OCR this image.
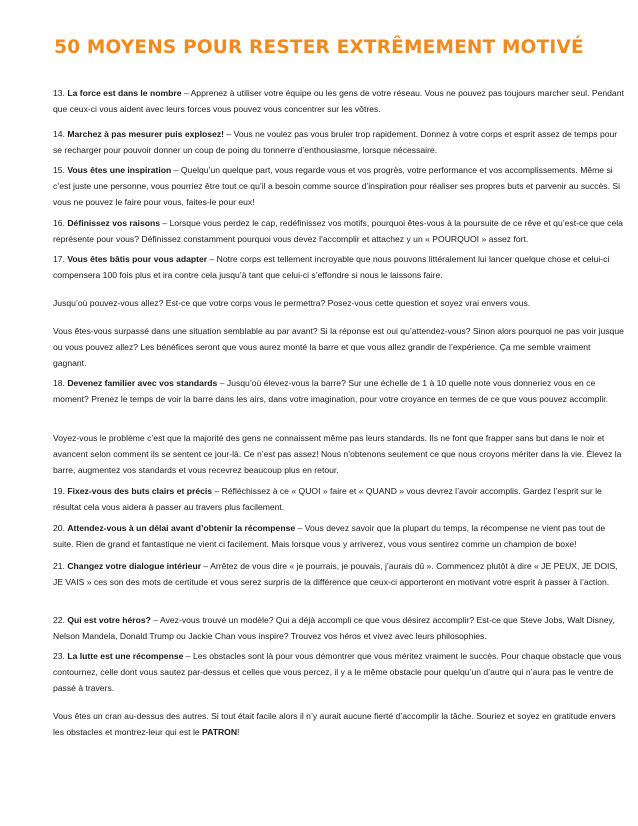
50 MOYENS POUR RESTER EXTRÊMEMENT MOTIVÉ

13. La force est dans le nombre – Apprenez à utiliser votre équipe ou les gens de votre réseau. Vous ne pouvez pas toujours marcher seul. Pendant que ceux-ci vous aident avec leurs forces vous pouvez vous concentrer sur les vôtres.

14. Marchez à pas mesurer puis explosez! – Vous ne voulez pas vous bruler trop rapidement. Donnez à votre corps et esprit assez de temps pour se recharger pour pouvoir donner un coup de poing du tonnerre d’enthousiasme, lorsque nécessaire.

15. Vous êtes une inspiration – Quelqu’un quelque part, vous regarde vous et vos progrès, votre performance et vos accomplissements. Même si c’est juste une personne, vous pourriez être tout ce qu’il a besoin comme source d’inspiration pour réaliser ses propres buts et parvenir au succès. Si vous ne pouvez le faire pour vous, faites-le pour eux!

16. Définissez vos raisons – Lorsque vous perdez le cap, redéfinissez vos motifs, pourquoi êtes-vous à la poursuite de ce rêve et qu’est-ce que cela représente pour vous? Définissez constamment pourquoi vous devez l’accomplir et attachez y un « POURQUOI » assez fort.

17. Vous êtes bâtis pour vous adapter – Notre corps est tellement incroyable que nous pouvons littéralement lui lancer quelque chose et celui-ci compensera 100 fois plus et ira contre cela jusqu’à tant que celui-ci s’effondre si nous le laissons faire.

Jusqu’où pouvez-vous allez? Est-ce que votre corps vous le permettra? Posez-vous cette question et soyez vrai envers vous.

Vous êtes-vous surpassé dans une situation semblable au par avant? Si la réponse est oui qu’attendez-vous? Sinon alors pourquoi ne pas voir jusque ou vous pouvez allez? Les bénéfices seront que vous aurez monté la barre et que vous allez grandir de l’expérience. Ça me semble vraiment gagnant.

18. Devenez familier avec vos standards – Jusqu’où élevez-vous la barre? Sur une échelle de 1 à 10 quelle note vous donneriez vous en ce moment? Prenez le temps de voir la barre dans les airs, dans votre imagination, pour votre croyance en termes de ce que vous pouvez accomplir.

Voyez-vous le problème c’est que la majorité des gens ne connaissent même pas leurs standards. Ils ne font que frapper sans but dans le noir et avancent selon comment ils se sentent ce jour-là. Ce n’est pas assez! Nous n’obtenons seulement ce que nous croyons mériter dans la vie. Élevez la barre, augmentez vos standards et vous recevrez beaucoup plus en retour.

19. Fixez-vous des buts clairs et précis – Réfléchissez à ce « QUOI » faire et « QUAND » vous devrez l’avoir accomplis. Gardez l’esprit sur le résultat cela vous aidera à passer au travers plus facilement.

20. Attendez-vous à un délai avant d’obtenir la récompense – Vous devez savoir que la plupart du temps, la récompense ne vient pas tout de suite. Rien de grand et fantastique ne vient ci facilement. Mais lorsque vous y arriverez, vous vous sentirez comme un champion de boxe!

21. Changez votre dialogue intérieur – Arrêtez de vous dire « je pourrais, je pouvais, j’aurais dû ». Commencez plutôt à dire « JE PEUX, JE DOIS, JE VAIS » ces son des mots de certitude et vous serez surpris de la différence que ceux-ci apporteront en motivant votre esprit à passer à l’action.

22. Qui est votre héros? – Avez-vous trouvé un modèle? Qui a déjà accompli ce que vous désirez accomplir? Est-ce que Steve Jobs, Walt Disney, Nelson Mandela, Donald Trump ou Jackie Chan vous inspire? Trouvez vos héros et vivez avec leurs philosophies.

23. La lutte est une récompense – Les obstacles sont là pour vous démontrer que vous méritez vraiment le succès. Pour chaque obstacle que vous contournez, celle dont vous sautez par-dessus et celles que vous percez, il y a le même obstacle pour quelqu’un d’autre qui n’aura pas le ventre de passé à travers.

Vous êtes un cran au-dessus des autres. Si tout était facile alors il n’y aurait aucune fierté d’accomplir la tâche. Souriez et soyez en gratitude envers les obstacles et montrez-leur qui est le PATRON!
